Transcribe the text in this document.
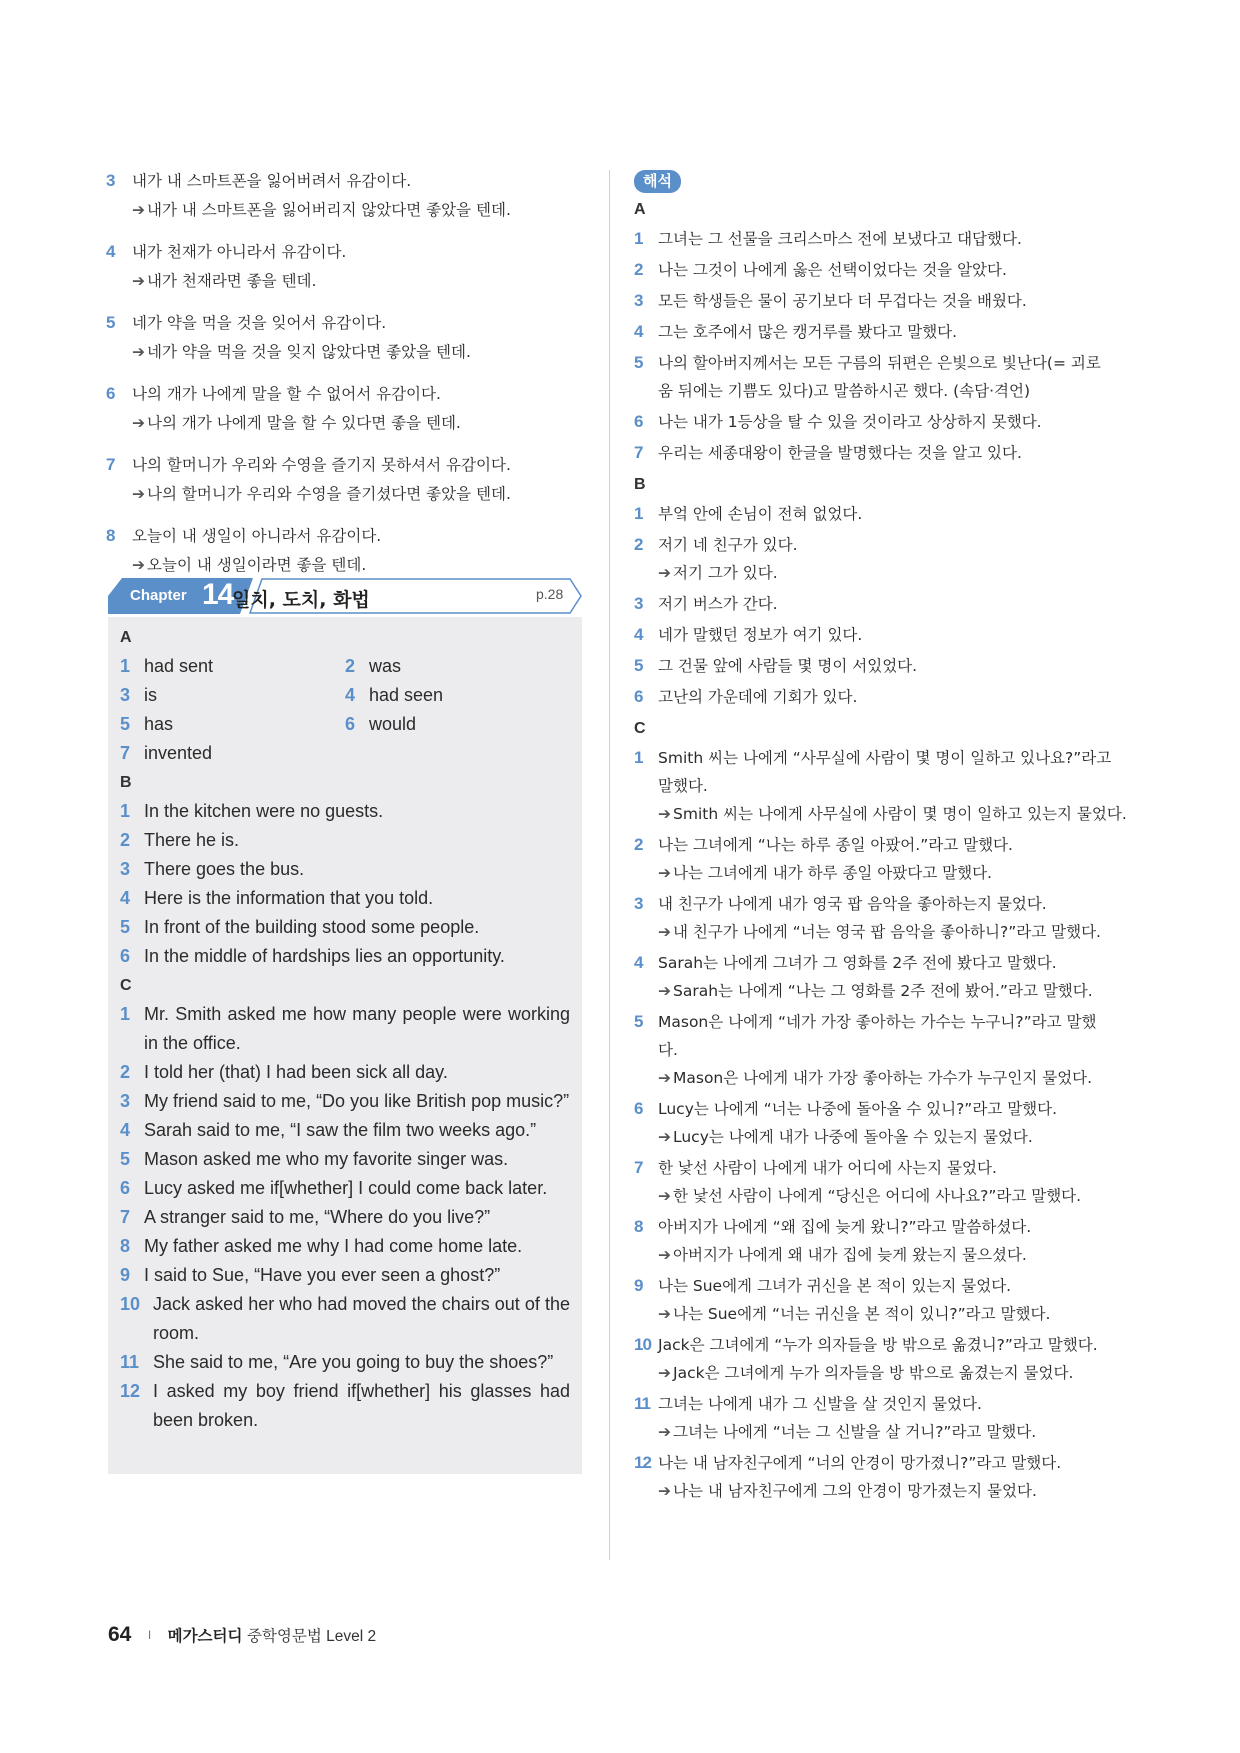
3 내가 내 스마트폰을 잃어버려서 유감이다.
➔ 내가 내 스마트폰을 잃어버리지 않았다면 좋았을 텐데.
4 내가 천재가 아니라서 유감이다.
➔ 내가 천재라면 좋을 텐데.
5 네가 약을 먹을 것을 잊어서 유감이다.
➔ 네가 약을 먹을 것을 잊지 않았다면 좋았을 텐데.
6 나의 개가 나에게 말을 할 수 없어서 유감이다.
➔ 나의 개가 나에게 말을 할 수 있다면 좋을 텐데.
7 나의 할머니가 우리와 수영을 즐기지 못하셔서 유감이다.
➔ 나의 할머니가 우리와 수영을 즐기셨다면 좋았을 텐데.
8 오늘이 내 생일이 아니라서 유감이다.
➔ 오늘이 내 생일이라면 좋을 텐데.
Chapter 14
일치, 도치, 화법	p.28
A
1 had sent	2 was
3 is	4 had seen
5 has	6 would
7 invented
B
1 In the kitchen were no guests.
2 There he is.
3 There goes the bus.
4 Here is the information that you told.
5 In front of the building stood some people.
6 In the middle of hardships lies an opportunity.
C
1 Mr. Smith asked me how many people were working in the office.
2 I told her (that) I had been sick all day.
3 My friend said to me, “Do you like British pop music?”
4 Sarah said to me, “I saw the film two weeks ago.”
5 Mason asked me who my favorite singer was.
6 Lucy asked me if[whether] I could come back later.
7 A stranger said to me, “Where do you live?”
8 My father asked me why I had come home late.
9 I said to Sue, “Have you ever seen a ghost?”
10 Jack asked her who had moved the chairs out of the room.
11 She said to me, “Are you going to buy the shoes?”
12 I asked my boy friend if[whether] his glasses had been broken.
해석
A
1 그녀는 그 선물을 크리스마스 전에 보냈다고 대답했다.
2 나는 그것이 나에게 옳은 선택이었다는 것을 알았다.
3 모든 학생들은 물이 공기보다 더 무겁다는 것을 배웠다.
4 그는 호주에서 많은 캥거루를 봤다고 말했다.
5 나의 할아버지께서는 모든 구름의 뒤편은 은빛으로 빛난다(= 괴로움 뒤에는 기쁨도 있다)고 말씀하시곤 했다. (속담·격언)
6 나는 내가 1등상을 탈 수 있을 것이라고 상상하지 못했다.
7 우리는 세종대왕이 한글을 발명했다는 것을 알고 있다.
B
1 부엌 안에 손님이 전혀 없었다.
2 저기 네 친구가 있다.
➔ 저기 그가 있다.
3 저기 버스가 간다.
4 네가 말했던 정보가 여기 있다.
5 그 건물 앞에 사람들 몇 명이 서있었다.
6 고난의 가운데에 기회가 있다.
C
1 Smith 씨는 나에게 “사무실에 사람이 몇 명이 일하고 있나요?”라고 말했다.
➔ Smith 씨는 나에게 사무실에 사람이 몇 명이 일하고 있는지 물었다.
2 나는 그녀에게 “나는 하루 종일 아팠어.”라고 말했다.
➔ 나는 그녀에게 내가 하루 종일 아팠다고 말했다.
3 내 친구가 나에게 내가 영국 팝 음악을 좋아하는지 물었다.
➔ 내 친구가 나에게 “너는 영국 팝 음악을 좋아하니?”라고 말했다.
4 Sarah는 나에게 그녀가 그 영화를 2주 전에 봤다고 말했다.
➔ Sarah는 나에게 “나는 그 영화를 2주 전에 봤어.”라고 말했다.
5 Mason은 나에게 “네가 가장 좋아하는 가수는 누구니?”라고 말했다.
➔ Mason은 나에게 내가 가장 좋아하는 가수가 누구인지 물었다.
6 Lucy는 나에게 “너는 나중에 돌아올 수 있니?”라고 말했다.
➔ Lucy는 나에게 내가 나중에 돌아올 수 있는지 물었다.
7 한 낯선 사람이 나에게 내가 어디에 사는지 물었다.
➔ 한 낯선 사람이 나에게 “당신은 어디에 사나요?”라고 말했다.
8 아버지가 나에게 “왜 집에 늦게 왔니?”라고 말씀하셨다.
➔ 아버지가 나에게 왜 내가 집에 늦게 왔는지 물으셨다.
9 나는 Sue에게 그녀가 귀신을 본 적이 있는지 물었다.
➔ 나는 Sue에게 “너는 귀신을 본 적이 있니?”라고 말했다.
10 Jack은 그녀에게 “누가 의자들을 방 밖으로 옮겼니?”라고 말했다.
➔ Jack은 그녀에게 누가 의자들을 방 밖으로 옮겼는지 물었다.
11 그녀는 나에게 내가 그 신발을 살 것인지 물었다.
➔ 그녀는 나에게 “너는 그 신발을 살 거니?”라고 말했다.
12 나는 내 남자친구에게 “너의 안경이 망가졌니?”라고 말했다.
➔ 나는 내 남자친구에게 그의 안경이 망가졌는지 물었다.
64 I 메가스터디 중학영문법 Level 2
